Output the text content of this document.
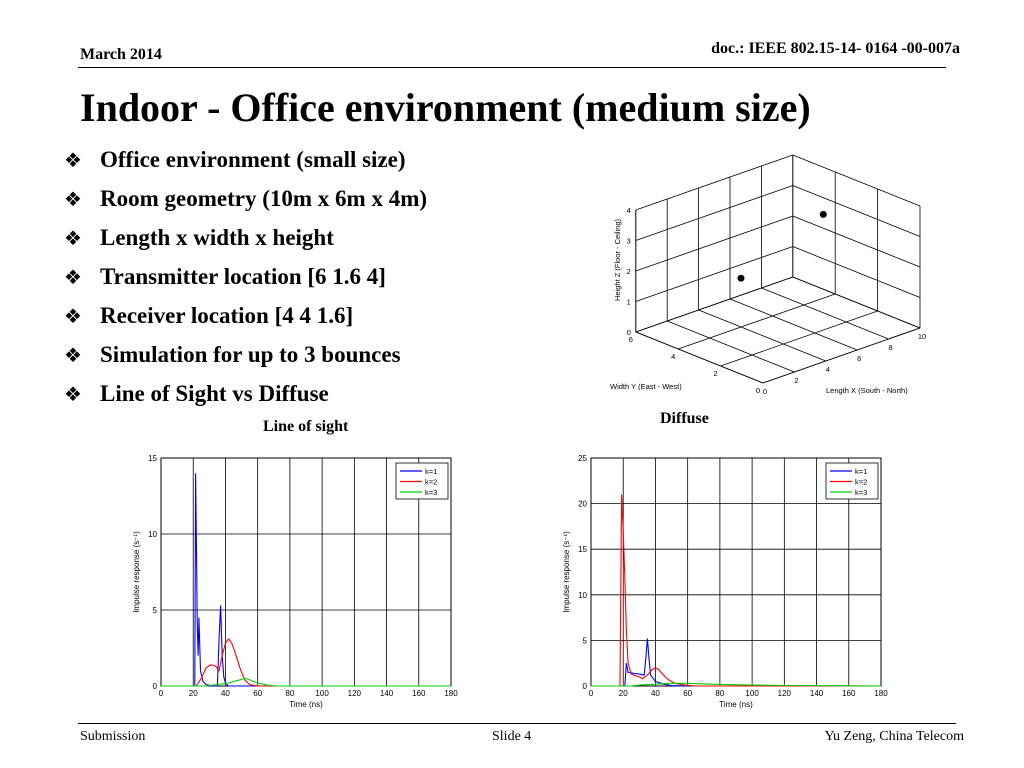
March 2014	doc.: IEEE 802.15-14- 0164 -00-007a
Indoor - Office environment (medium size)
❖ Office environment (small size)
❖ Room geometry (10m x 6m x 4m)
❖ Length x width x height
❖ Transmitter location [6 1.6 4]
❖ Receiver location [4 4 1.6]
❖ Simulation for up to 3 bounces
❖ Line of Sight vs Diffuse	0
2
4
6
8
10
0
2
4
6
0
1
2
3
4
Length X (South - North)
Width Y (East - West)
Height Z (Floor - Ceiling)
Line of sight	Diffuse
0	20	40	60	80	100 120 140 160 180
0
5
10
15
Time (ns)
Impulse response (s⁻¹)
k=1
k=2
k=3
0	20	40	60	80	100 120 140 160 180
0
5
10
15
20
25
Time (ns)
Impulse response (s⁻¹)
k=1
k=2
k=3
Submission	Slide 4	Yu Zeng, China Telecom
